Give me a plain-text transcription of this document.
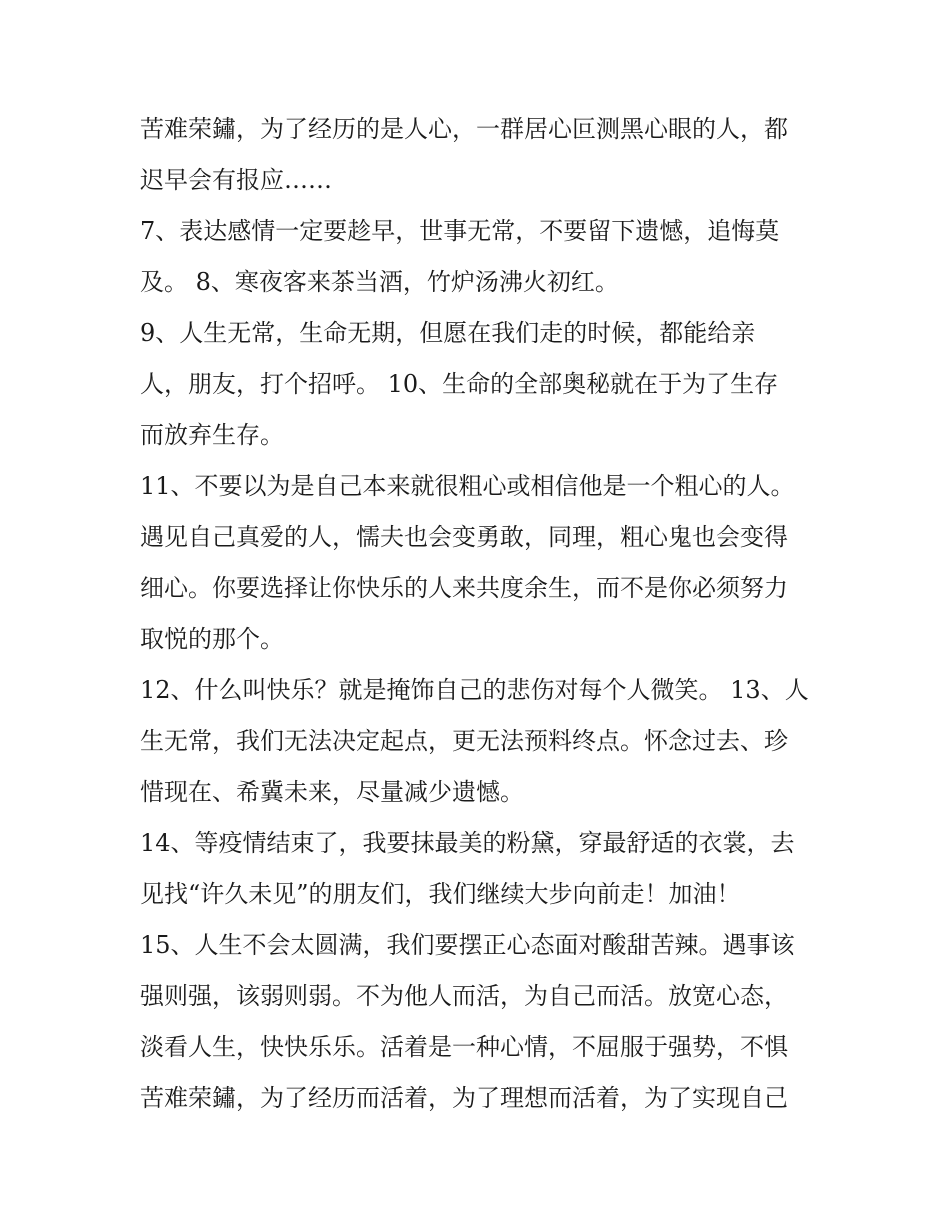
苦难荣鏽，为了经历的是人心，一群居心叵测黑心眼的人，都
迟早会有报应……
7、表达感情一定要趁早，世事无常，不要留下遗憾，追悔莫
及。 8、寒夜客来茶当酒，竹炉汤沸火初红。
9、人生无常，生命无期，但愿在我们走的时候，都能给亲
人，朋友，打个招呼。 10、生命的全部奥秘就在于为了生存
而放弃生存。
11、不要以为是自己本来就很粗心或相信他是一个粗心的人。
遇见自己真爱的人，懦夫也会变勇敢，同理，粗心鬼也会变得
细心。你要选择让你快乐的人来共度余生，而不是你必须努力
取悦的那个。
12、什么叫快乐？就是掩饰自己的悲伤对每个人微笑。 13、人
生无常，我们无法决定起点，更无法预料终点。怀念过去、珍
惜现在、希冀未来，尽量减少遗憾。
14、等疫情结束了，我要抹最美的粉黛，穿最舒适的衣裳，去
见找“许久未见”的朋友们，我们继续大步向前走！加油！
15、人生不会太圆满，我们要摆正心态面对酸甜苦辣。遇事该
强则强，该弱则弱。不为他人而活，为自己而活。放宽心态，
淡看人生，快快乐乐。活着是一种心情，不屈服于强势，不惧
苦难荣鏽，为了经历而活着，为了理想而活着，为了实现自己
